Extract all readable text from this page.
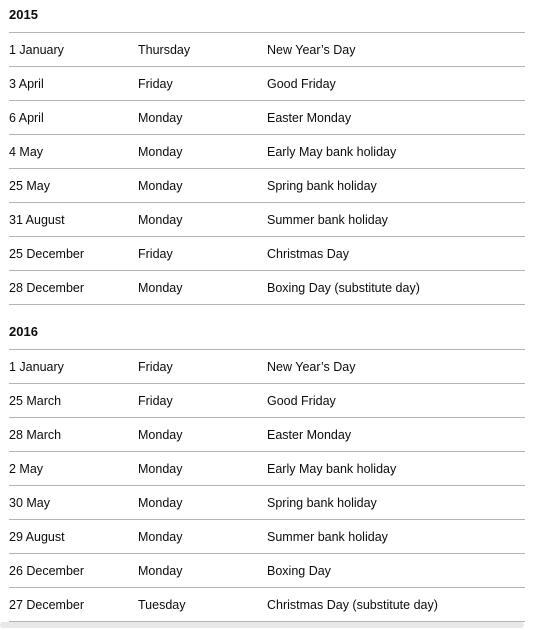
2015
1 January	Thursday	New Year’s Day
3 April	Friday	Good Friday
6 April	Monday	Easter Monday
4 May	Monday	Early May bank holiday
25 May	Monday	Spring bank holiday
31 August	Monday	Summer bank holiday
25 December	Friday	Christmas Day
28 December	Monday	Boxing Day (substitute day)
2016
1 January	Friday	New Year’s Day
25 March	Friday	Good Friday
28 March	Monday	Easter Monday
2 May	Monday	Early May bank holiday
30 May	Monday	Spring bank holiday
29 August	Monday	Summer bank holiday
26 December	Monday	Boxing Day
27 December	Tuesday	Christmas Day (substitute day)
